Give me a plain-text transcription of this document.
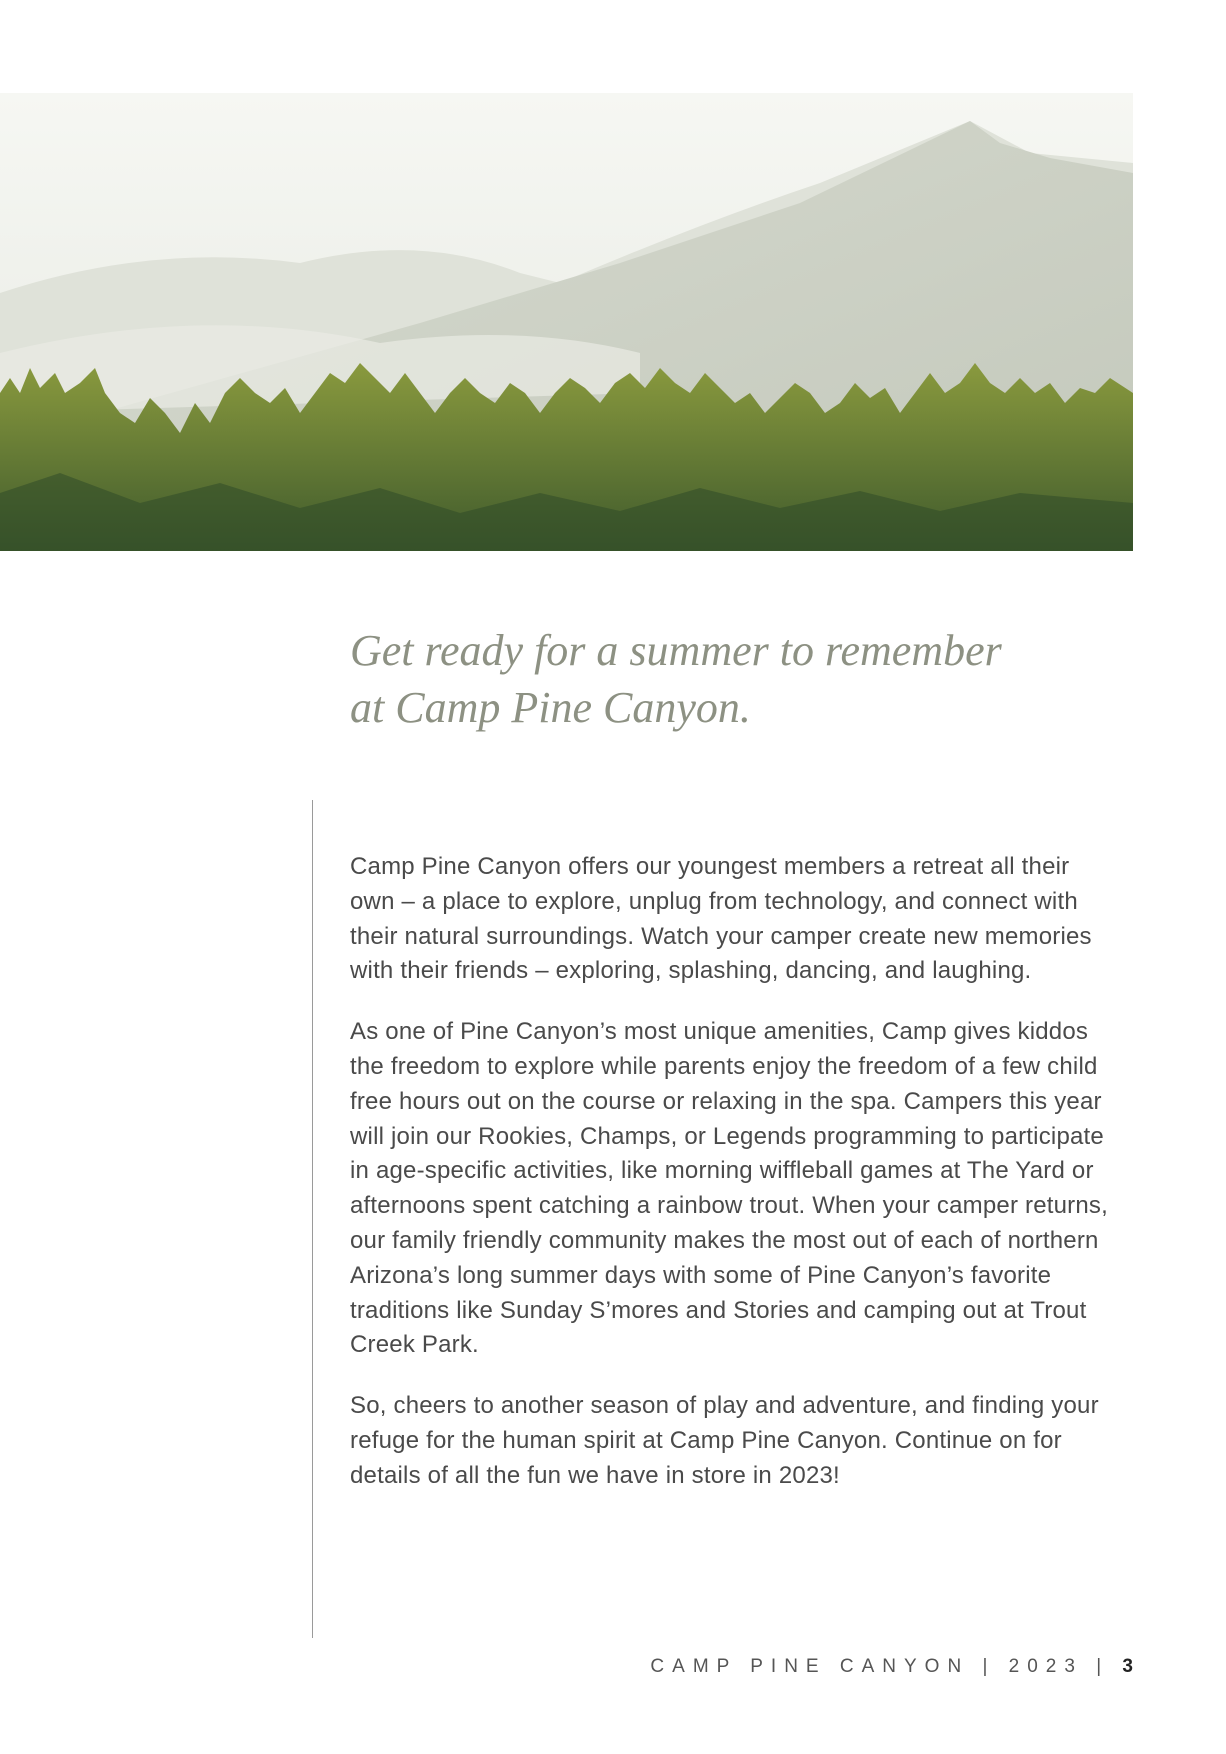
Get ready for a summer to remember
at Camp Pine Canyon.

Camp Pine Canyon offers our youngest members a retreat all their own – a place to explore, unplug from technology, and connect with their natural surroundings. Watch your camper create new memories with their friends – exploring, splashing, dancing, and laughing.

As one of Pine Canyon’s most unique amenities, Camp gives kiddos the freedom to explore while parents enjoy the freedom of a few child free hours out on the course or relaxing in the spa. Campers this year will join our Rookies, Champs, or Legends programming to participate in age-specific activities, like morning wiffleball games at The Yard or afternoons spent catching a rainbow trout. When your camper returns, our family friendly community makes the most out of each of northern Arizona’s long summer days with some of Pine Canyon’s favorite traditions like Sunday S’mores and Stories and camping out at Trout Creek Park.

So, cheers to another season of play and adventure, and finding your refuge for the human spirit at Camp Pine Canyon. Continue on for details of all the fun we have in store in 2023!

CAMP PINE CANYON | 2023 | 3
